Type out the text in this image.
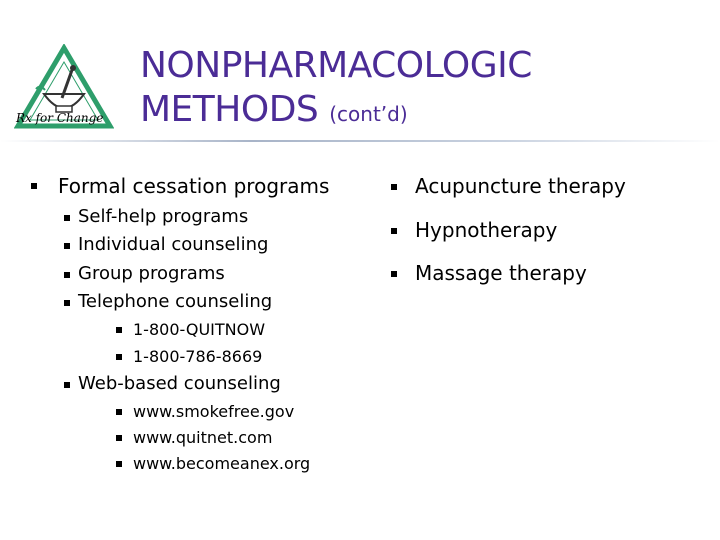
Rx for Change
NONPHARMACOLOGIC
METHODS (cont’d)
Formal cessation programs
Self-help programs
Individual counseling
Group programs
Telephone counseling
1-800-QUITNOW
1-800-786-8669
Web-based counseling
www.smokefree.gov
www.quitnet.com
www.becomeanex.org
Acupuncture therapy
Hypnotherapy
Massage therapy
